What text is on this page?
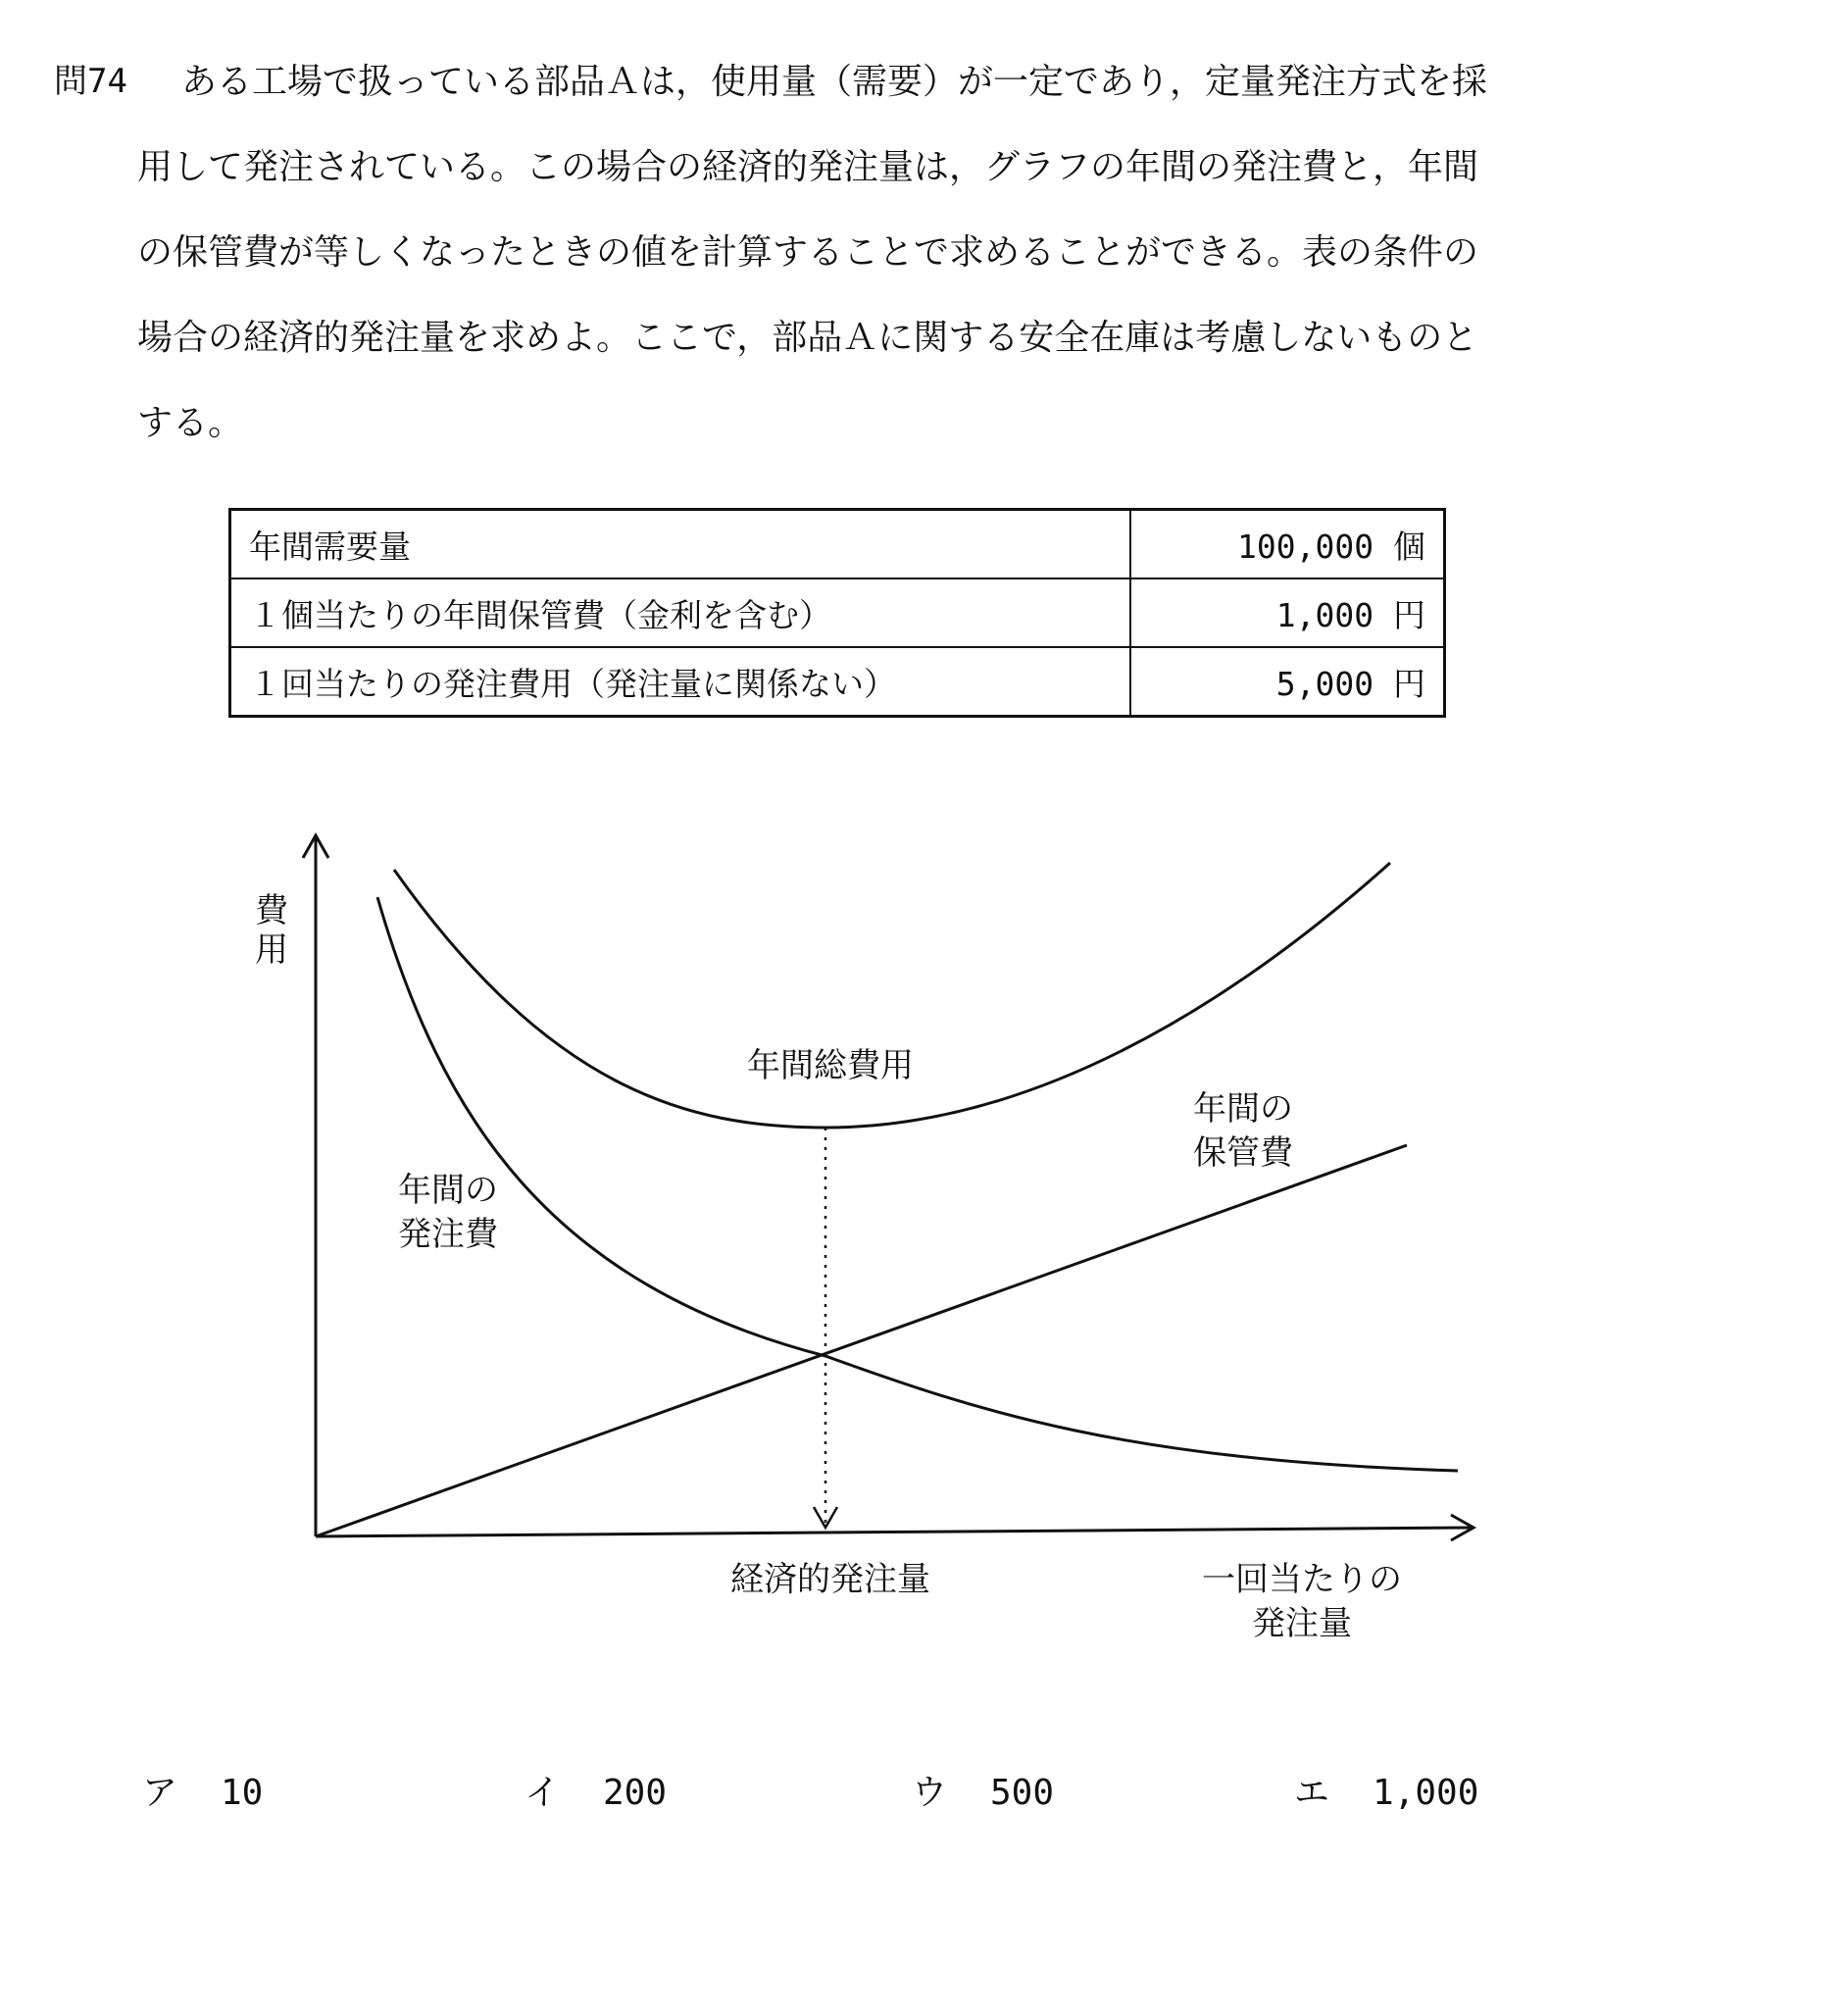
問74	ある工場で扱っている部品Ａは，使用量（需要）が一定であり，定量発注方式を採
用して発注されている。この場合の経済的発注量は，グラフの年間の発注費と，年間
の保管費が等しくなったときの値を計算することで求めることができる。表の条件の
場合の経済的発注量を求めよ。ここで，部品Ａに関する安全在庫は考慮しないものと
する。
年間需要量	100,000 個
１個当たりの年間保管費（金利を含む）	1,000 円
１回当たりの発注費用（発注量に関係ない）	5,000 円
費
用
年間総費用
年間の
保管費
年間の
発注費
経済的発注量	一回当たりの
発注量
ア 10	イ 200	ウ 500	エ 1,000
